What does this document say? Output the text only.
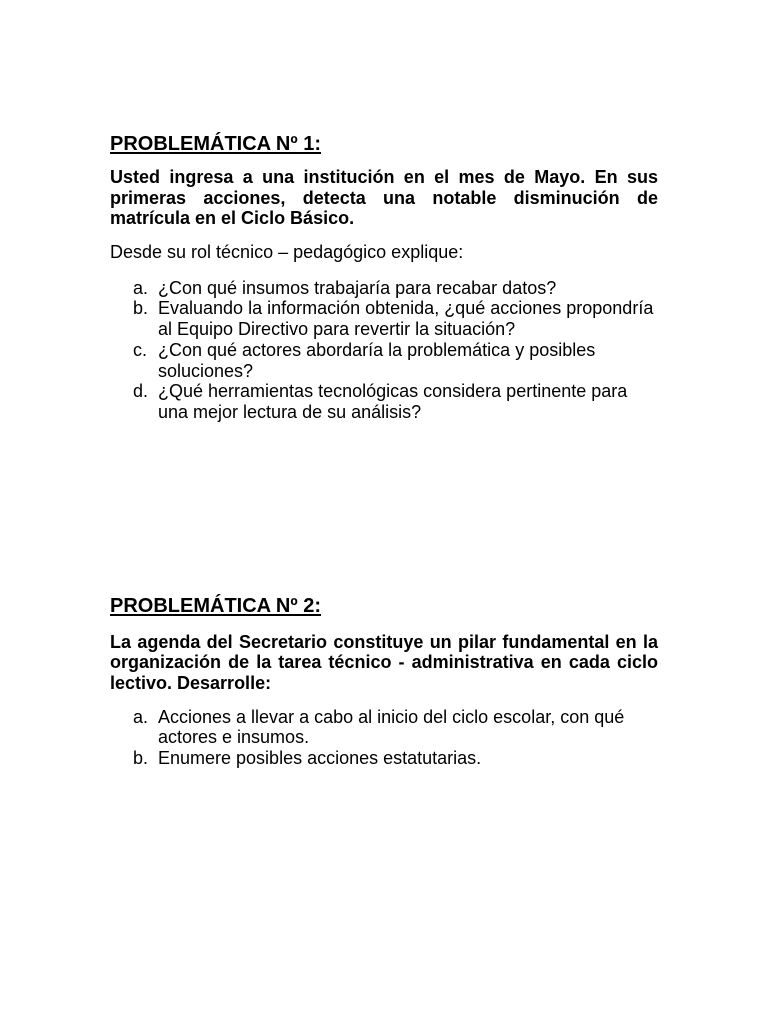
PROBLEMÁTICA Nº 1:

Usted ingresa a una institución en el mes de Mayo. En sus primeras acciones, detecta una notable disminución de matrícula en el Ciclo Básico.

Desde su rol técnico – pedagógico explique:

a. ¿Con qué insumos trabajaría para recabar datos?
b. Evaluando la información obtenida, ¿qué acciones propondría al Equipo Directivo para revertir la situación?
c. ¿Con qué actores abordaría la problemática y posibles soluciones?
d. ¿Qué herramientas tecnológicas considera pertinente para una mejor lectura de su análisis?
PROBLEMÁTICA Nº 2:

La agenda del Secretario constituye un pilar fundamental en la organización de la tarea técnico - administrativa en cada ciclo lectivo. Desarrolle:

a. Acciones a llevar a cabo al inicio del ciclo escolar, con qué actores e insumos.
b. Enumere posibles acciones estatutarias.
